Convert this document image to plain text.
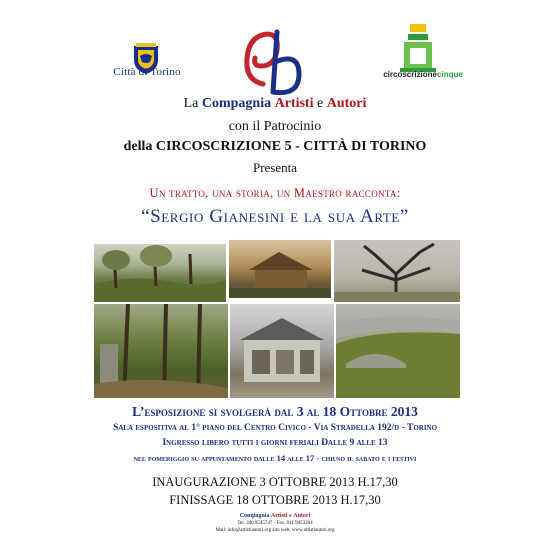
Città di Torino	circoscrizionecinque
La Compagnia Artisti e Autori
con il Patrocinio
della CIRCOSCRIZIONE 5 - CITTÀ DI TORINO
Presenta
Un tratto, una storia, un Maestro racconta:
“Sergio Gianesini e la sua Arte”
L’esposizione si svolgerà dal 3 al 18 Ottobre 2013
Sala espositiva al 1° piano del Centro Civico - Via Stradella 192/d - Torino
Ingresso libero tutti i giorni feriali Dalle 9 alle 13
nel pomeriggio su appuntamento dalle 14 alle 17 - chiuso il sabato e i festivi
INAUGURAZIONE 3 OTTOBRE 2013 H.17,30
FINISSAGE 18 OTTOBRE 2013 H.17,30
Compagnia Artisti e Autori
Tel. 340.9545747 - Fax. 011.9453204
Mail: info@artistiautori.org sito web: www.artistiautori.org
